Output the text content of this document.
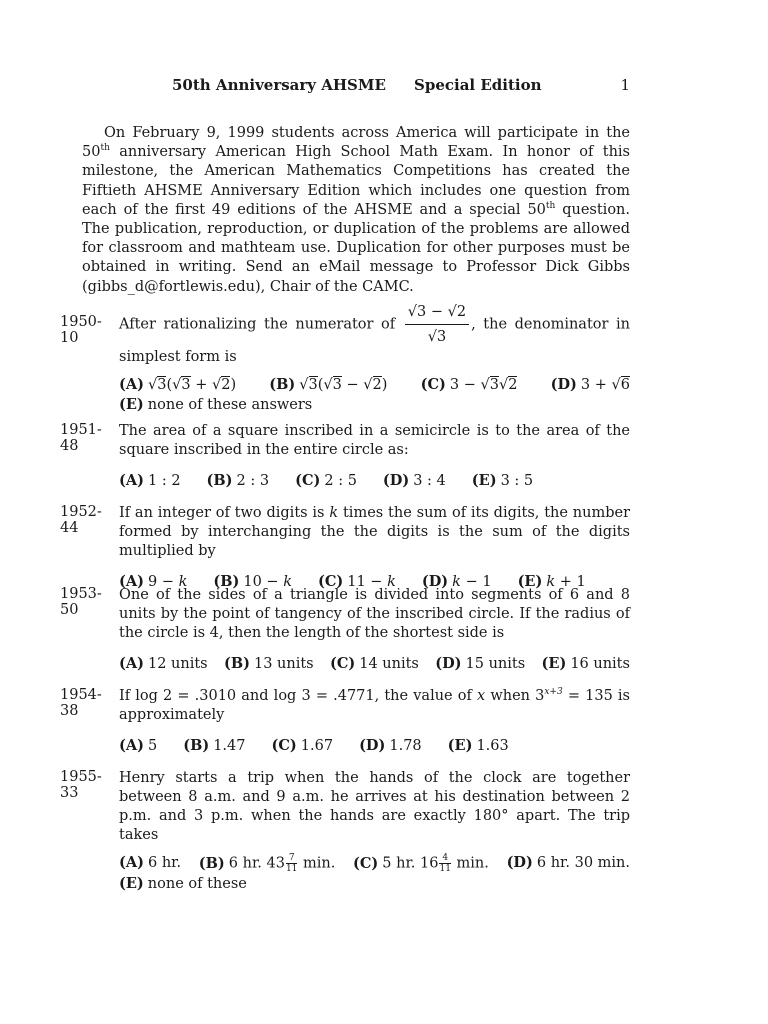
50th Anniversary AHSME Special Edition	1

On February 9, 1999 students across America will participate in the 50th anniversary American High School Math Exam. In honor of this milestone, the American Mathematics Competitions has created the Fiftieth AHSME Anniversary Edition which includes one question from each of the first 49 editions of the AHSME and a special 50th question. The publication, reproduction, or duplication of the problems are allowed for classroom and mathteam use. Duplication for other purposes must be obtained in writing. Send an eMail message to Professor Dick Gibbs (gibbs_d@fortlewis.edu), Chair of the CAMC.

1950-10

After rationalizing the numerator of $\frac{√3 - √2}{√3}$ , the denominator in simplest form is

(A) √3(√3 + √2) (B) √3(√3 − √2) (C) 3 − √3√2 (D) 3 + √6
(E) none of these answers
1951-48

The area of a square inscribed in a semicircle is to the area of the square inscribed in the entire circle as:

(A) 1 : 2 (B) 2 : 3 (C) 2 : 5 (D) 3 : 4 (E) 3 : 5
1952-44

If an integer of two digits is k times the sum of its digits, the number formed by interchanging the the digits is the sum of the digits multiplied by

(A) 9 − k (B) 10 − k (C) 11 − k (D) k − 1 (E) k + 1
1953-50

One of the sides of a triangle is divided into segments of 6 and 8 units by the point of tangency of the inscribed circle. If the radius of the circle is 4, then the length of the shortest side is

(A) 12 units (B) 13 units (C) 14 units (D) 15 units (E) 16 units
1954-38

If log 2 = .3010 and log 3 = .4771, the value of x when $3^{x+3} = 135$ is approximately

(A) 5 (B) 1.47 (C) 1.67 (D) 1.78 (E) 1.63
1955-33

Henry starts a trip when the hands of the clock are together between 8 a.m. and 9 a.m. he arrives at his destination between 2 p.m. and 3 p.m. when the hands are exactly 180° apart. The trip takes

(A) 6 hr. (B) 6 hr. $43 \frac{7}{11} \min$. (C) 5 hr. $16 \frac{4}{11} \min$. (D) 6 hr. 30 min.
(E) none of these
